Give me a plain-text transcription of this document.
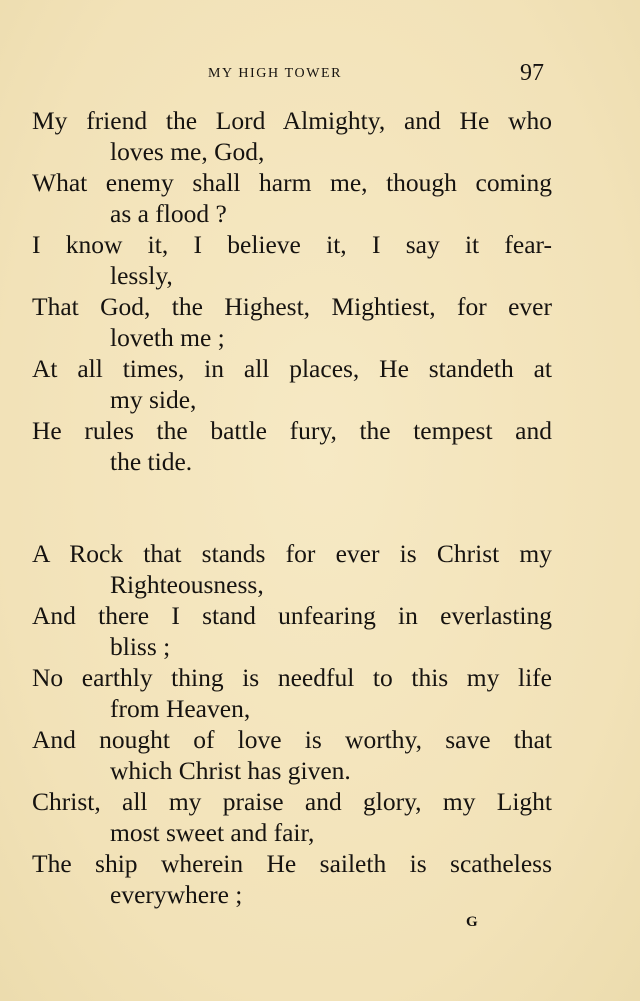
MY HIGH TOWER	97
My friend the Lord Almighty, and He who
loves me, God,
What enemy shall harm me, though coming
as a flood ?
I know it, I believe it, I say it fear-
lessly,
That God, the Highest, Mightiest, for ever
loveth me ;
At all times, in all places, He standeth at
my side,
He rules the battle fury, the tempest and
the tide.
A Rock that stands for ever is Christ my
Righteousness,
And there I stand unfearing in everlasting
bliss ;
No earthly thing is needful to this my life
from Heaven,
And nought of love is worthy, save that
which Christ has given.
Christ, all my praise and glory, my Light
most sweet and fair,
The ship wherein He saileth is scatheless
everywhere ;
G
